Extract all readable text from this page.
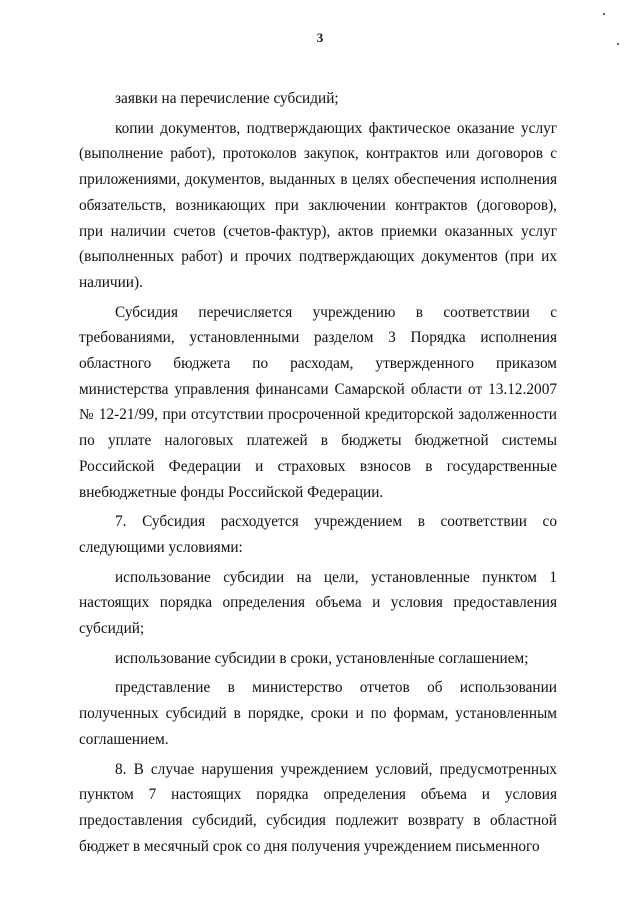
3

заявки на перечисление субсидий;

копии документов, подтверждающих фактическое оказание услуг (выполнение работ), протоколов закупок, контрактов или договоров с приложениями, документов, выданных в целях обеспечения исполнения обязательств, возникающих при заключении контрактов (договоров), при наличии счетов (счетов-фактур), актов приемки оказанных услуг (выполненных работ) и прочих подтверждающих документов (при их наличии).

Субсидия перечисляется учреждению в соответствии с требованиями, установленными разделом 3 Порядка исполнения областного бюджета по расходам, утвержденного приказом министерства управления финансами Самарской области от 13.12.2007 № 12-21/99, при отсутствии просроченной кредиторской задолженности по уплате налоговых платежей в бюджеты бюджетной системы Российской Федерации и страховых взносов в государственные внебюджетные фонды Российской Федерации.

7. Субсидия расходуется учреждением в соответствии со следующими условиями:

использование субсидии на цели, установленные пунктом 1 настоящих порядка определения объема и условия предоставления субсидий;

использование субсидии в сроки, установленные соглашением;

представление в министерство отчетов об использовании полученных субсидий в порядке, сроки и по формам, установленным соглашением.

8. В случае нарушения учреждением условий, предусмотренных пунктом 7 настоящих порядка определения объема и условия предоставления субсидий, субсидия подлежит возврату в областной бюджет в месячный срок со дня получения учреждением письменного
